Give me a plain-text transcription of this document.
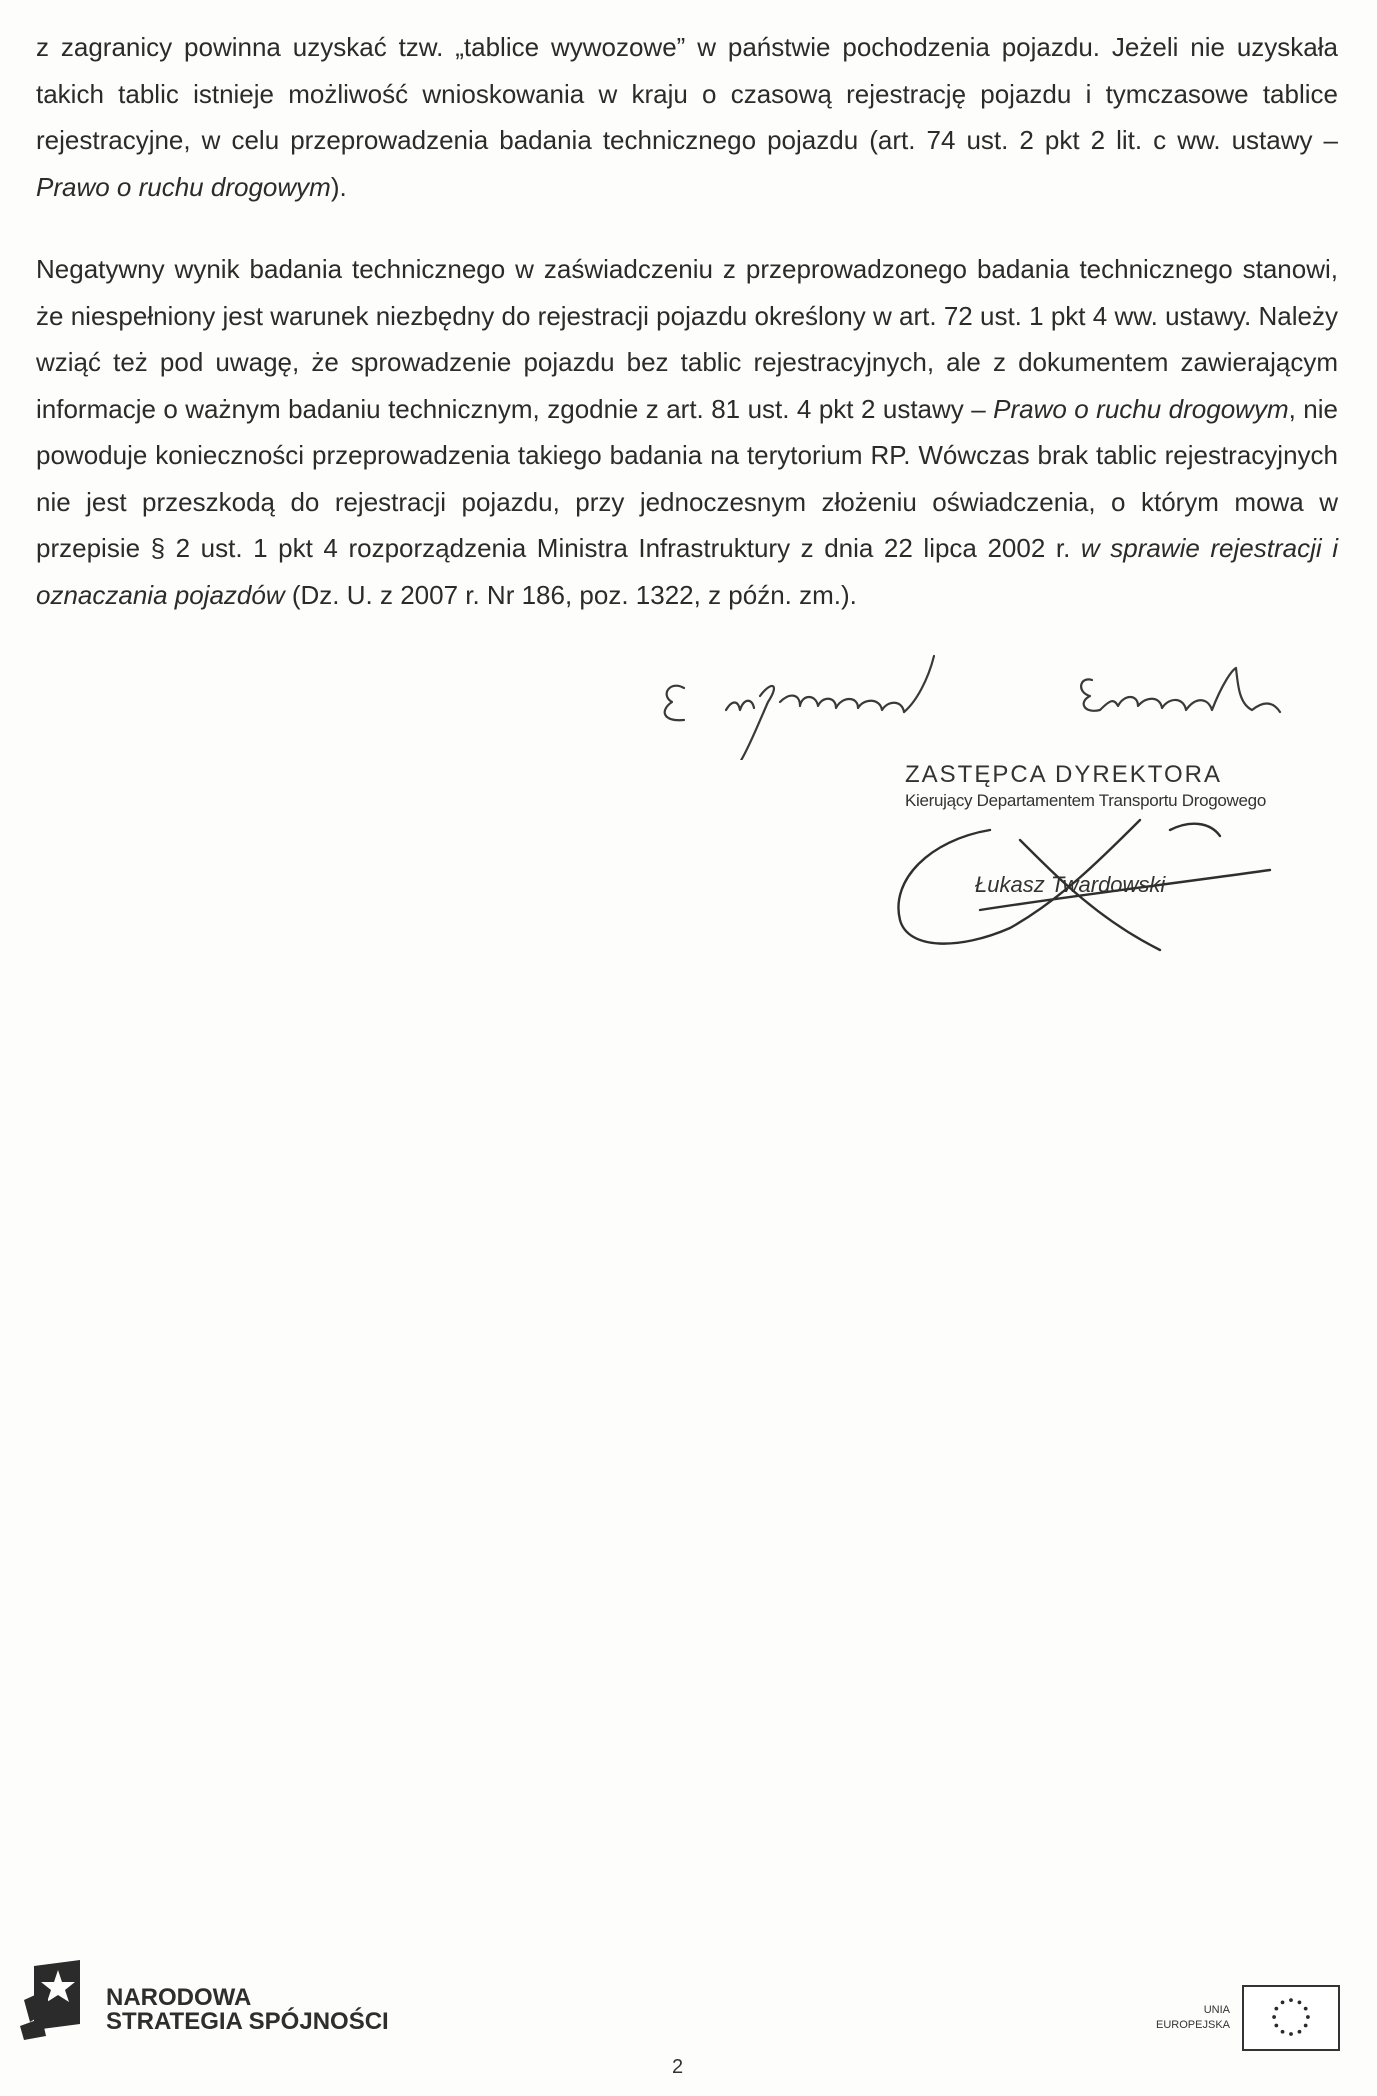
z zagranicy powinna uzyskać tzw. „tablice wywozowe” w państwie pochodzenia pojazdu. Jeżeli nie uzyskała takich tablic istnieje możliwość wnioskowania w kraju o czasową rejestrację pojazdu i tymczasowe tablice rejestracyjne, w celu przeprowadzenia badania technicznego pojazdu (art. 74 ust. 2 pkt 2 lit. c ww. ustawy – Prawo o ruchu drogowym).

Negatywny wynik badania technicznego w zaświadczeniu z przeprowadzonego badania technicznego stanowi, że niespełniony jest warunek niezbędny do rejestracji pojazdu określony w art. 72 ust. 1 pkt 4 ww. ustawy. Należy wziąć też pod uwagę, że sprowadzenie pojazdu bez tablic rejestracyjnych, ale z dokumentem zawierającym informacje o ważnym badaniu technicznym, zgodnie z art. 81 ust. 4 pkt 2 ustawy – Prawo o ruchu drogowym, nie powoduje konieczności przeprowadzenia takiego badania na terytorium RP. Wówczas brak tablic rejestracyjnych nie jest przeszkodą do rejestracji pojazdu, przy jednoczesnym złożeniu oświadczenia, o którym mowa w przepisie § 2 ust. 1 pkt 4 rozporządzenia Ministra Infrastruktury z dnia 22 lipca 2002 r. w sprawie rejestracji i oznaczania pojazdów (Dz. U. z 2007 r. Nr 186, poz. 1322, z późn. zm.).

ZASTĘPCA DYREKTORA

Kierujący Departamentem Transportu Drogowego

Łukasz Twardowski

NARODOWA
STRATEGIA SPÓJNOŚCI	UNIA
EUROPEJSKA

2
